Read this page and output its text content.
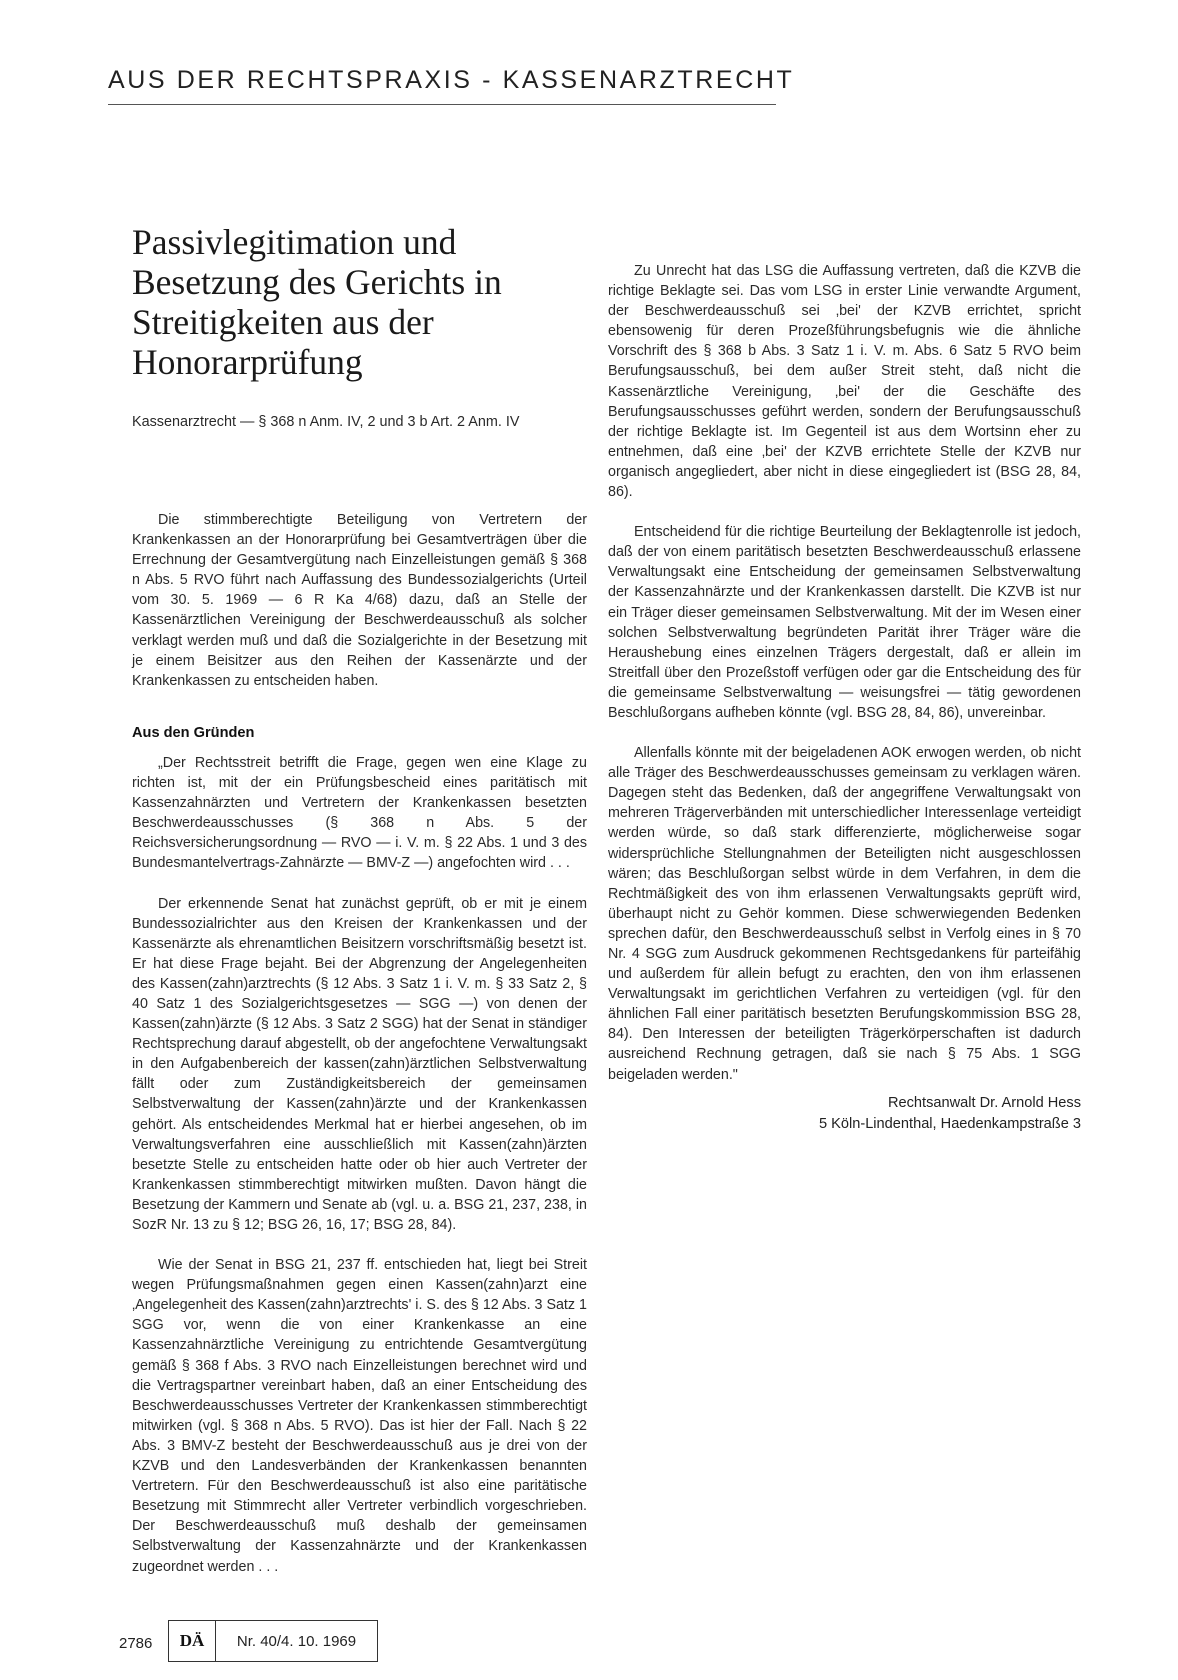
AUS DER RECHTSPRAXIS - KASSENARZTRECHT
Passivlegitimation und Besetzung des Gerichts in Streitigkeiten aus der Honorarprüfung
Kassenarztrecht — § 368 n Anm. IV, 2 und 3 b Art. 2 Anm. IV

Die stimmberechtigte Beteiligung von Vertretern der Krankenkassen an der Honorarprüfung bei Gesamtverträgen über die Errechnung der Gesamtvergütung nach Einzelleistungen gemäß § 368 n Abs. 5 RVO führt nach Auffassung des Bundessozialgerichts (Urteil vom 30. 5. 1969 — 6 R Ka 4/68) dazu, daß an Stelle der Kassenärztlichen Vereinigung der Beschwerdeausschuß als solcher verklagt werden muß und daß die Sozialgerichte in der Besetzung mit je einem Beisitzer aus den Reihen der Kassenärzte und der Krankenkassen zu entscheiden haben.

Aus den Gründen

„Der Rechtsstreit betrifft die Frage, gegen wen eine Klage zu richten ist, mit der ein Prüfungsbescheid eines paritätisch mit Kassenzahnärzten und Vertretern der Krankenkassen besetzten Beschwerdeausschusses (§ 368 n Abs. 5 der Reichsversicherungsordnung — RVO — i. V. m. § 22 Abs. 1 und 3 des Bundesmantelvertrags-Zahnärzte — BMV-Z —) angefochten wird . . .

Der erkennende Senat hat zunächst geprüft, ob er mit je einem Bundessozialrichter aus den Kreisen der Krankenkassen und der Kassenärzte als ehrenamtlichen Beisitzern vorschriftsmäßig besetzt ist. Er hat diese Frage bejaht. Bei der Abgrenzung der Angelegenheiten des Kassen(zahn)arztrechts (§ 12 Abs. 3 Satz 1 i. V. m. § 33 Satz 2, § 40 Satz 1 des Sozialgerichtsgesetzes — SGG —) von denen der Kassen(zahn)ärzte (§ 12 Abs. 3 Satz 2 SGG) hat der Senat in ständiger Rechtsprechung darauf abgestellt, ob der angefochtene Verwaltungsakt in den Aufgabenbereich der kassen(zahn)ärztlichen Selbstverwaltung fällt oder zum Zuständigkeitsbereich der gemeinsamen Selbstverwaltung der Kassen(zahn)ärzte und der Krankenkassen gehört. Als entscheidendes Merkmal hat er hierbei angesehen, ob im Verwaltungsverfahren eine ausschließlich mit Kassen(zahn)ärzten besetzte Stelle zu entscheiden hatte oder ob hier auch Vertreter der Krankenkassen stimmberechtigt mitwirken mußten. Davon hängt die Besetzung der Kammern und Senate ab (vgl. u. a. BSG 21, 237, 238, in SozR Nr. 13 zu § 12; BSG 26, 16, 17; BSG 28, 84).

Wie der Senat in BSG 21, 237 ff. entschieden hat, liegt bei Streit wegen Prüfungsmaßnahmen gegen einen Kassen(zahn)arzt eine ‚Angelegenheit des Kassen(zahn)arztrechts' i. S. des § 12 Abs. 3 Satz 1 SGG vor, wenn die von einer Krankenkasse an eine Kassenzahnärztliche Vereinigung zu entrichtende Gesamtvergütung gemäß § 368 f Abs. 3 RVO nach Einzelleistungen berechnet wird und die Vertragspartner vereinbart haben, daß an einer Entscheidung des Beschwerdeausschusses Vertreter der Krankenkassen stimmberechtigt mitwirken (vgl. § 368 n Abs. 5 RVO). Das ist hier der Fall. Nach § 22 Abs. 3 BMV-Z besteht der Beschwerdeausschuß aus je drei von der KZVB und den Landesverbänden der Krankenkassen benannten Vertretern. Für den Beschwerdeausschuß ist also eine paritätische Besetzung mit Stimmrecht aller Vertreter verbindlich vorgeschrieben. Der Beschwerdeausschuß muß deshalb der gemeinsamen Selbstverwaltung der Kassenzahnärzte und der Krankenkassen zugeordnet werden . . .

Zu Unrecht hat das LSG die Auffassung vertreten, daß die KZVB die richtige Beklagte sei. Das vom LSG in erster Linie verwandte Argument, der Beschwerdeausschuß sei ‚bei' der KZVB errichtet, spricht ebensowenig für deren Prozeßführungsbefugnis wie die ähnliche Vorschrift des § 368 b Abs. 3 Satz 1 i. V. m. Abs. 6 Satz 5 RVO beim Berufungsausschuß, bei dem außer Streit steht, daß nicht die Kassenärztliche Vereinigung, ‚bei' der die Geschäfte des Berufungsausschusses geführt werden, sondern der Berufungsausschuß der richtige Beklagte ist. Im Gegenteil ist aus dem Wortsinn eher zu entnehmen, daß eine ‚bei' der KZVB errichtete Stelle der KZVB nur organisch angegliedert, aber nicht in diese eingegliedert ist (BSG 28, 84, 86).

Entscheidend für die richtige Beurteilung der Beklagtenrolle ist jedoch, daß der von einem paritätisch besetzten Beschwerdeausschuß erlassene Verwaltungsakt eine Entscheidung der gemeinsamen Selbstverwaltung der Kassenzahnärzte und der Krankenkassen darstellt. Die KZVB ist nur ein Träger dieser gemeinsamen Selbstverwaltung. Mit der im Wesen einer solchen Selbstverwaltung begründeten Parität ihrer Träger wäre die Heraushebung eines einzelnen Trägers dergestalt, daß er allein im Streitfall über den Prozeßstoff verfügen oder gar die Entscheidung des für die gemeinsame Selbstverwaltung — weisungsfrei — tätig gewordenen Beschlußorgans aufheben könnte (vgl. BSG 28, 84, 86), unvereinbar.

Allenfalls könnte mit der beigeladenen AOK erwogen werden, ob nicht alle Träger des Beschwerdeausschusses gemeinsam zu verklagen wären. Dagegen steht das Bedenken, daß der angegriffene Verwaltungsakt von mehreren Trägerverbänden mit unterschiedlicher Interessenlage verteidigt werden würde, so daß stark differenzierte, möglicherweise sogar widersprüchliche Stellungnahmen der Beteiligten nicht ausgeschlossen wären; das Beschlußorgan selbst würde in dem Verfahren, in dem die Rechtmäßigkeit des von ihm erlassenen Verwaltungsakts geprüft wird, überhaupt nicht zu Gehör kommen. Diese schwerwiegenden Bedenken sprechen dafür, den Beschwerdeausschuß selbst in Verfolg eines in § 70 Nr. 4 SGG zum Ausdruck gekommenen Rechtsgedankens für parteifähig und außerdem für allein befugt zu erachten, den von ihm erlassenen Verwaltungsakt im gerichtlichen Verfahren zu verteidigen (vgl. für den ähnlichen Fall einer paritätisch besetzten Berufungskommission BSG 28, 84). Den Interessen der beteiligten Trägerkörperschaften ist dadurch ausreichend Rechnung getragen, daß sie nach § 75 Abs. 1 SGG beigeladen werden."

Rechtsanwalt Dr. Arnold Hess
5 Köln-Lindenthal, Haedenkampstraße 3
2786	DÄ	Nr. 40/4. 10. 1969
